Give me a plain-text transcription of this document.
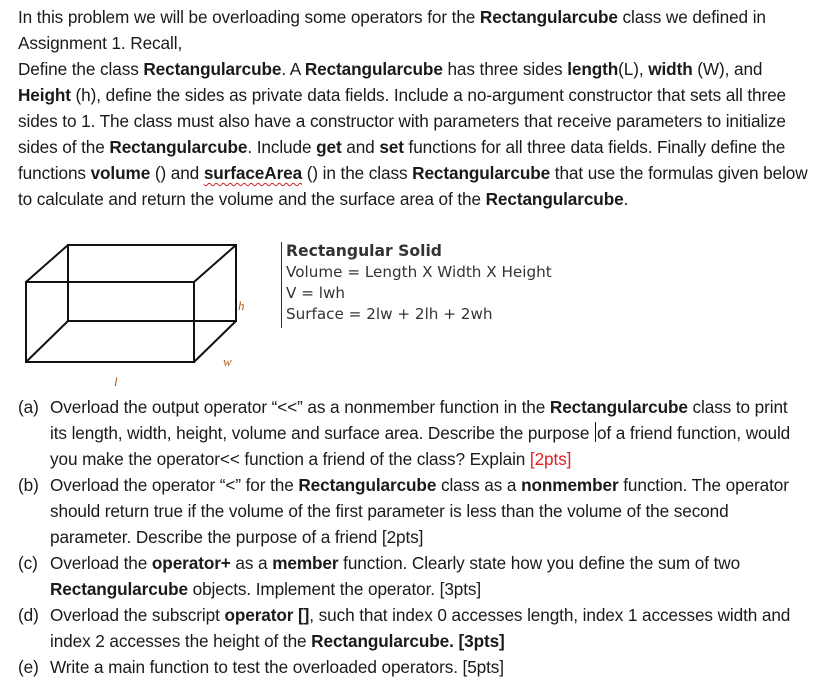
In this problem we will be overloading some operators for the Rectangularcube class we defined in Assignment 1. Recall,
Define the class Rectangularcube. A Rectangularcube has three sides length(L), width (W), and Height (h), define the sides as private data fields. Include a no-argument constructor that sets all three sides to 1. The class must also have a constructor with parameters that receive parameters to initialize sides of the Rectangularcube. Include get and set functions for all three data fields. Finally define the functions volume () and surfaceArea () in the class Rectangularcube that use the formulas given below to calculate and return the volume and the surface area of the Rectangularcube.
h
w
l
Rectangular Solid
Volume = Length X Width X Height
V = lwh
Surface = 2lw + 2lh + 2wh
(a) Overload the output operator “<<” as a nonmember function in the Rectangularcube class to print its length, width, height, volume and surface area. Describe the purpose of a friend function, would you make the operator<< function a friend of the class? Explain [2pts]
(b) Overload the operator “<” for the Rectangularcube class as a nonmember function. The operator should return true if the volume of the first parameter is less than the volume of the second parameter. Describe the purpose of a friend [2pts]
(c) Overload the operator+ as a member function. Clearly state how you define the sum of two Rectangularcube objects. Implement the operator. [3pts]
(d) Overload the subscript operator [], such that index 0 accesses length, index 1 accesses width and index 2 accesses the height of the Rectangularcube. [3pts]
(e) Write a main function to test the overloaded operators. [5pts]
